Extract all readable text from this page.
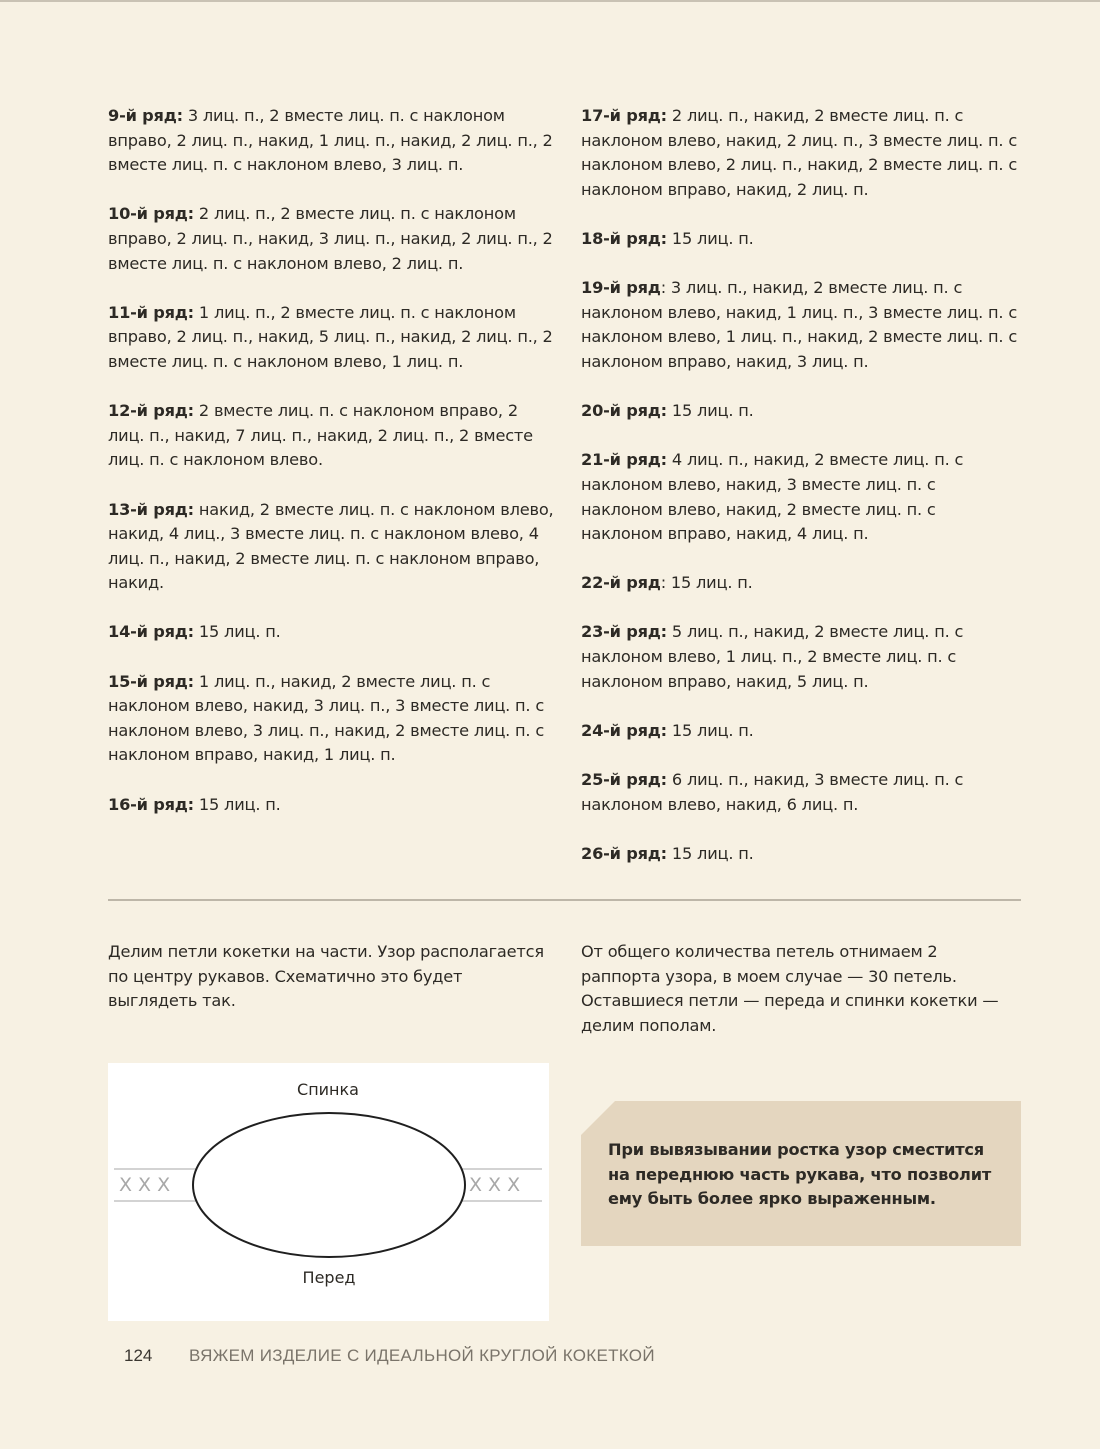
9-й ряд: 3 лиц. п., 2 вместе лиц. п. с наклоном вправо, 2 лиц. п., накид, 1 лиц. п., накид, 2 лиц. п., 2 вместе лиц. п. с наклоном влево, 3 лиц. п.

10-й ряд: 2 лиц. п., 2 вместе лиц. п. с наклоном вправо, 2 лиц. п., накид, 3 лиц. п., накид, 2 лиц. п., 2 вместе лиц. п. с наклоном влево, 2 лиц. п.

11-й ряд: 1 лиц. п., 2 вместе лиц. п. с наклоном вправо, 2 лиц. п., накид, 5 лиц. п., накид, 2 лиц. п., 2 вместе лиц. п. с наклоном влево, 1 лиц. п.

12-й ряд: 2 вместе лиц. п. с наклоном вправо, 2 лиц. п., накид, 7 лиц. п., накид, 2 лиц. п., 2 вместе лиц. п. с наклоном влево.

13-й ряд: накид, 2 вместе лиц. п. с наклоном влево, накид, 4 лиц., 3 вместе лиц. п. с наклоном влево, 4 лиц. п., накид, 2 вместе лиц. п. с наклоном вправо, накид.

14-й ряд: 15 лиц. п.

15-й ряд: 1 лиц. п., накид, 2 вместе лиц. п. с наклоном влево, накид, 3 лиц. п., 3 вместе лиц. п. с наклоном влево, 3 лиц. п., накид, 2 вместе лиц. п. с наклоном вправо, накид, 1 лиц. п.

16-й ряд: 15 лиц. п.

17-й ряд: 2 лиц. п., накид, 2 вместе лиц. п. с наклоном влево, накид, 2 лиц. п., 3 вместе лиц. п. с наклоном влево, 2 лиц. п., накид, 2 вместе лиц. п. с наклоном вправо, накид, 2 лиц. п.

18-й ряд: 15 лиц. п.

19-й ряд: 3 лиц. п., накид, 2 вместе лиц. п. с наклоном влево, накид, 1 лиц. п., 3 вместе лиц. п. с наклоном влево, 1 лиц. п., накид, 2 вместе лиц. п. с наклоном вправо, накид, 3 лиц. п.

20-й ряд: 15 лиц. п.

21-й ряд: 4 лиц. п., накид, 2 вместе лиц. п. с наклоном влево, накид, 3 вместе лиц. п. с наклоном влево, накид, 2 вместе лиц. п. с наклоном вправо, накид, 4 лиц. п.

22-й ряд: 15 лиц. п.

23-й ряд: 5 лиц. п., накид, 2 вместе лиц. п. с наклоном влево, 1 лиц. п., 2 вместе лиц. п. с наклоном вправо, накид, 5 лиц. п.

24-й ряд: 15 лиц. п.

25-й ряд: 6 лиц. п., накид, 3 вместе лиц. п. с наклоном влево, накид, 6 лиц. п.

26-й ряд: 15 лиц. п.

Делим петли кокетки на части. Узор располагается по центру рукавов. Схематично это будет выглядеть так.

От общего количества петель отнимаем 2 раппорта узора, в моем случае — 30 петель. Оставшиеся петли — переда и спинки кокетки — делим пополам.

X X X	X X X
Спинка
Перед

При вывязывании ростка узор сместится на переднюю часть рукава, что позволит ему быть более ярко выраженным.

124 ВЯЖЕМ ИЗДЕЛИЕ С ИДЕАЛЬНОЙ КРУГЛОЙ КОКЕТКОЙ
